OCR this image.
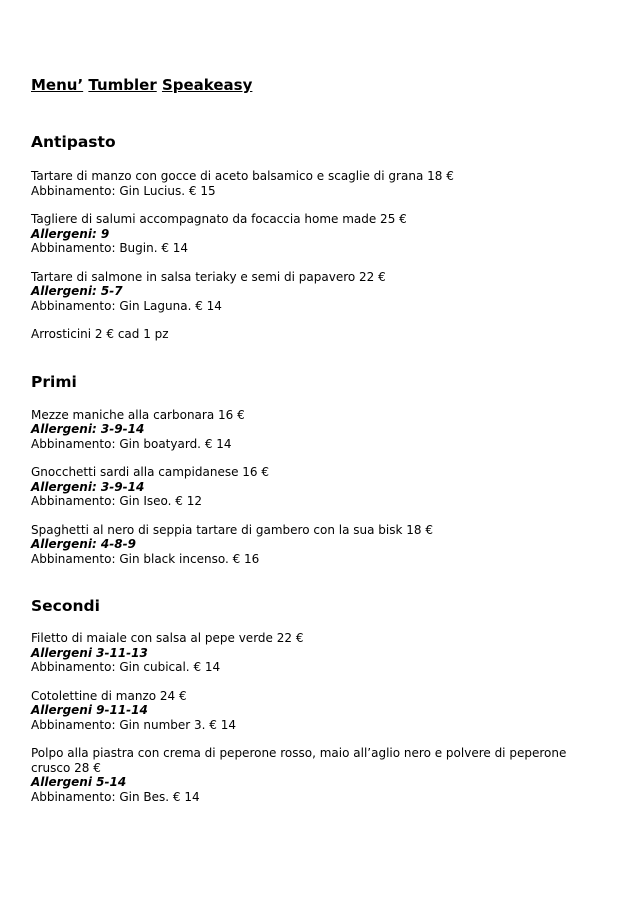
Menu’ Tumbler Speakeasy
Antipasto

Tartare di manzo con gocce di aceto balsamico e scaglie di grana 18 €

Abbinamento: Gin Lucius. € 15

Tagliere di salumi accompagnato da focaccia home made 25 €

Allergeni: 9

Abbinamento: Bugin. € 14

Tartare di salmone in salsa teriaky e semi di papavero 22 €

Allergeni: 5-7

Abbinamento: Gin Laguna. € 14

Arrosticini 2 € cad 1 pz

Primi

Mezze maniche alla carbonara 16 €

Allergeni: 3-9-14

Abbinamento: Gin boatyard. € 14

Gnocchetti sardi alla campidanese 16 €

Allergeni: 3-9-14

Abbinamento: Gin Iseo. € 12

Spaghetti al nero di seppia tartare di gambero con la sua bisk 18 €

Allergeni: 4-8-9

Abbinamento: Gin black incenso. € 16

Secondi

Filetto di maiale con salsa al pepe verde 22 €

Allergeni 3-11-13

Abbinamento: Gin cubical. € 14

Cotolettine di manzo 24 €

Allergeni 9-11-14

Abbinamento: Gin number 3. € 14

Polpo alla piastra con crema di peperone rosso, maio all’aglio nero e polvere di peperone crusco 28 €

Allergeni 5-14

Abbinamento: Gin Bes. € 14
